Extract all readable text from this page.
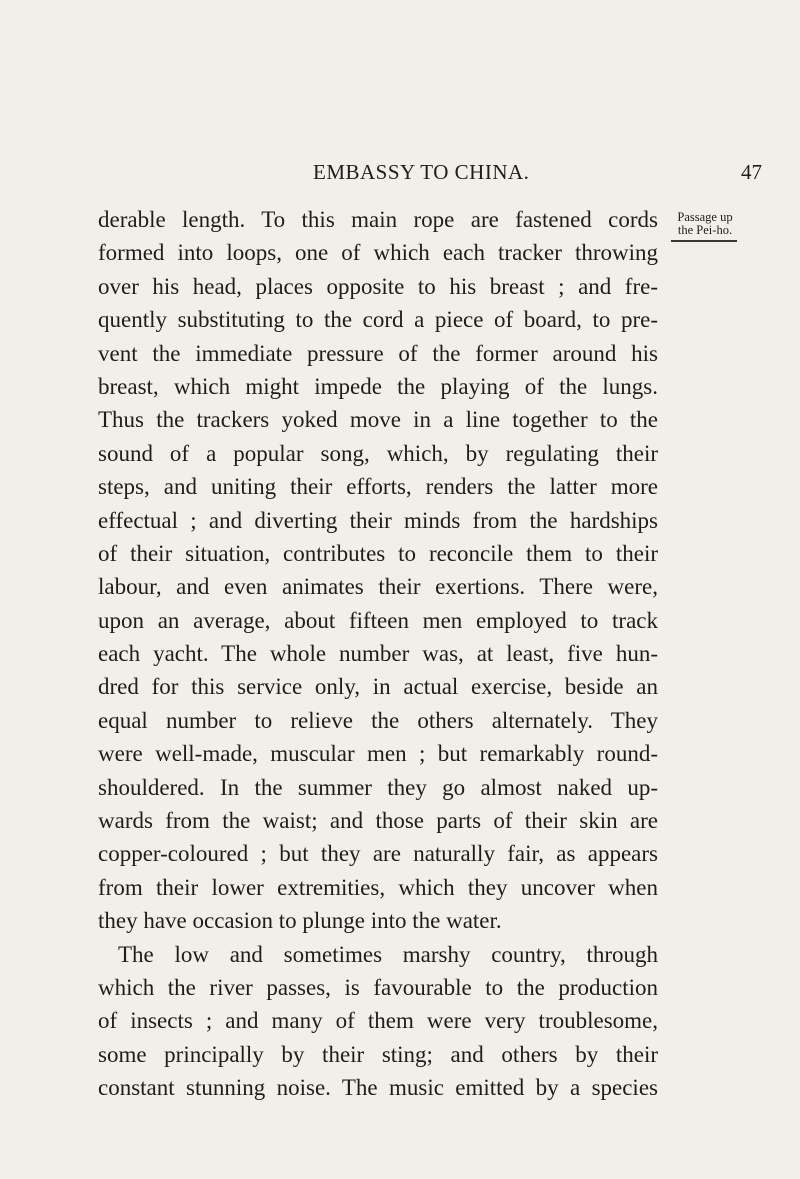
EMBASSY TO CHINA.	47
Passage up
the Pei-ho.
derable length. To this main rope are fastened cords
formed into loops, one of which each tracker throwing
over his head, places opposite to his breast ; and fre-
quently substituting to the cord a piece of board, to pre-
vent the immediate pressure of the former around his
breast, which might impede the playing of the lungs.
Thus the trackers yoked move in a line together to the
sound of a popular song, which, by regulating their
steps, and uniting their efforts, renders the latter more
effectual ; and diverting their minds from the hardships
of their situation, contributes to reconcile them to their
labour, and even animates their exertions. There were,
upon an average, about fifteen men employed to track
each yacht. The whole number was, at least, five hun-
dred for this service only, in actual exercise, beside an
equal number to relieve the others alternately. They
were well-made, muscular men ; but remarkably round-
shouldered. In the summer they go almost naked up-
wards from the waist; and those parts of their skin are
copper-coloured ; but they are naturally fair, as appears
from their lower extremities, which they uncover when
they have occasion to plunge into the water.
The low and sometimes marshy country, through
which the river passes, is favourable to the production
of insects ; and many of them were very troublesome,
some principally by their sting; and others by their
constant stunning noise. The music emitted by a species
